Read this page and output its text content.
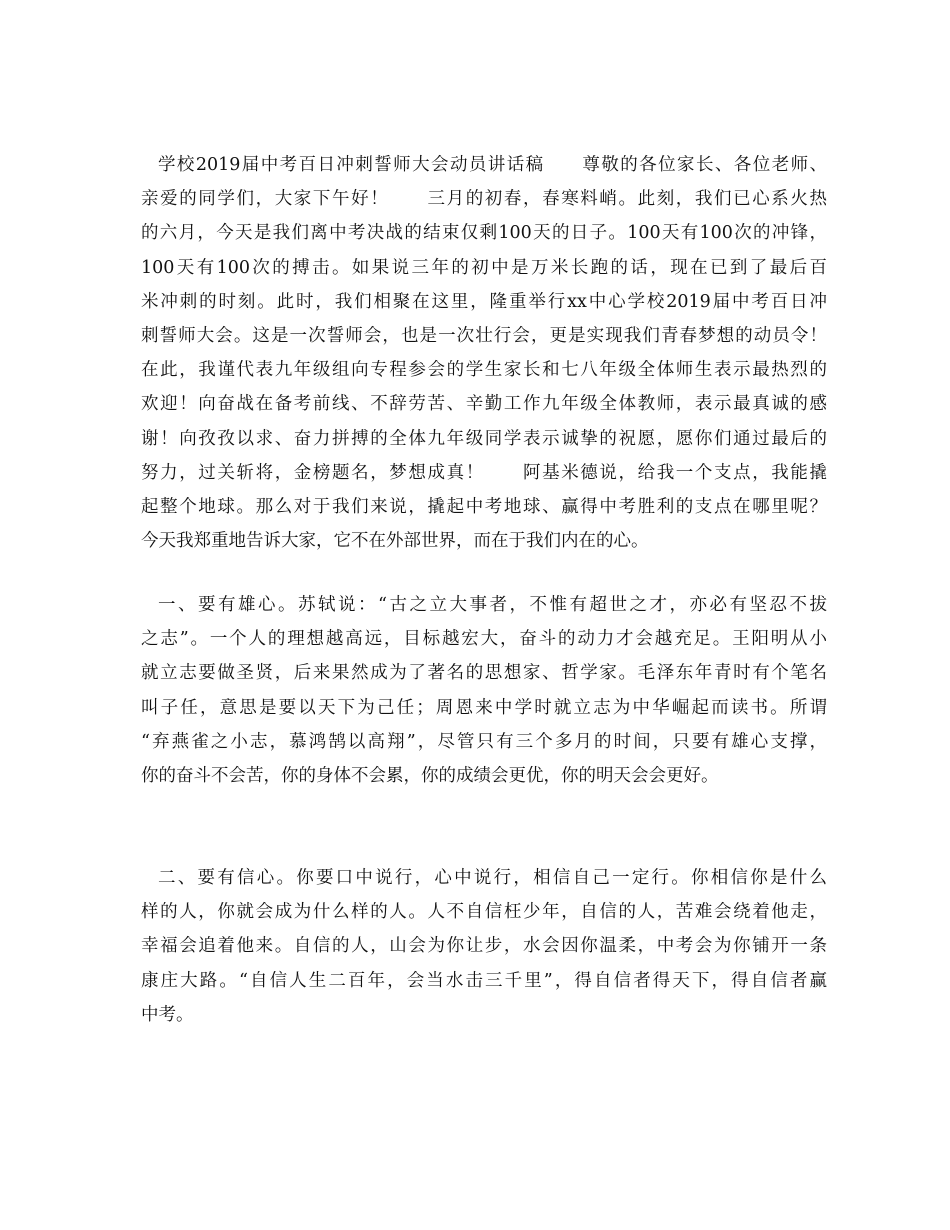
学校2019届中考百日冲刺誓师大会动员讲话稿　　尊敬的各位家长、各位老师、
亲爱的同学们，大家下午好！　　三月的初春，春寒料峭。此刻，我们已心系火热
的六月，今天是我们离中考决战的结束仅剩100天的日子。100天有100次的冲锋，
100天有100次的搏击。如果说三年的初中是万米长跑的话，现在已到了最后百
米冲刺的时刻。此时，我们相聚在这里，隆重举行xx中心学校2019届中考百日冲
刺誓师大会。这是一次誓师会，也是一次壮行会，更是实现我们青春梦想的动员令！
在此，我谨代表九年级组向专程参会的学生家长和七八年级全体师生表示最热烈的
欢迎！向奋战在备考前线、不辞劳苦、辛勤工作九年级全体教师，表示最真诚的感
谢！向孜孜以求、奋力拼搏的全体九年级同学表示诚挚的祝愿，愿你们通过最后的
努力，过关斩将，金榜题名，梦想成真！　　阿基米德说，给我一个支点，我能撬
起整个地球。那么对于我们来说，撬起中考地球、赢得中考胜利的支点在哪里呢？
今天我郑重地告诉大家，它不在外部世界，而在于我们内在的心。
一、要有雄心。苏轼说：“古之立大事者，不惟有超世之才，亦必有坚忍不拔
之志”。一个人的理想越高远，目标越宏大，奋斗的动力才会越充足。王阳明从小
就立志要做圣贤，后来果然成为了著名的思想家、哲学家。毛泽东年青时有个笔名
叫子任，意思是要以天下为己任；周恩来中学时就立志为中华崛起而读书。所谓
“弃燕雀之小志，慕鸿鹄以高翔”，尽管只有三个多月的时间，只要有雄心支撑，
你的奋斗不会苦，你的身体不会累，你的成绩会更优，你的明天会会更好。
二、要有信心。你要口中说行，心中说行，相信自己一定行。你相信你是什么
样的人，你就会成为什么样的人。人不自信枉少年，自信的人，苦难会绕着他走，
幸福会追着他来。自信的人，山会为你让步，水会因你温柔，中考会为你铺开一条
康庄大路。“自信人生二百年，会当水击三千里”，得自信者得天下，得自信者赢
中考。
